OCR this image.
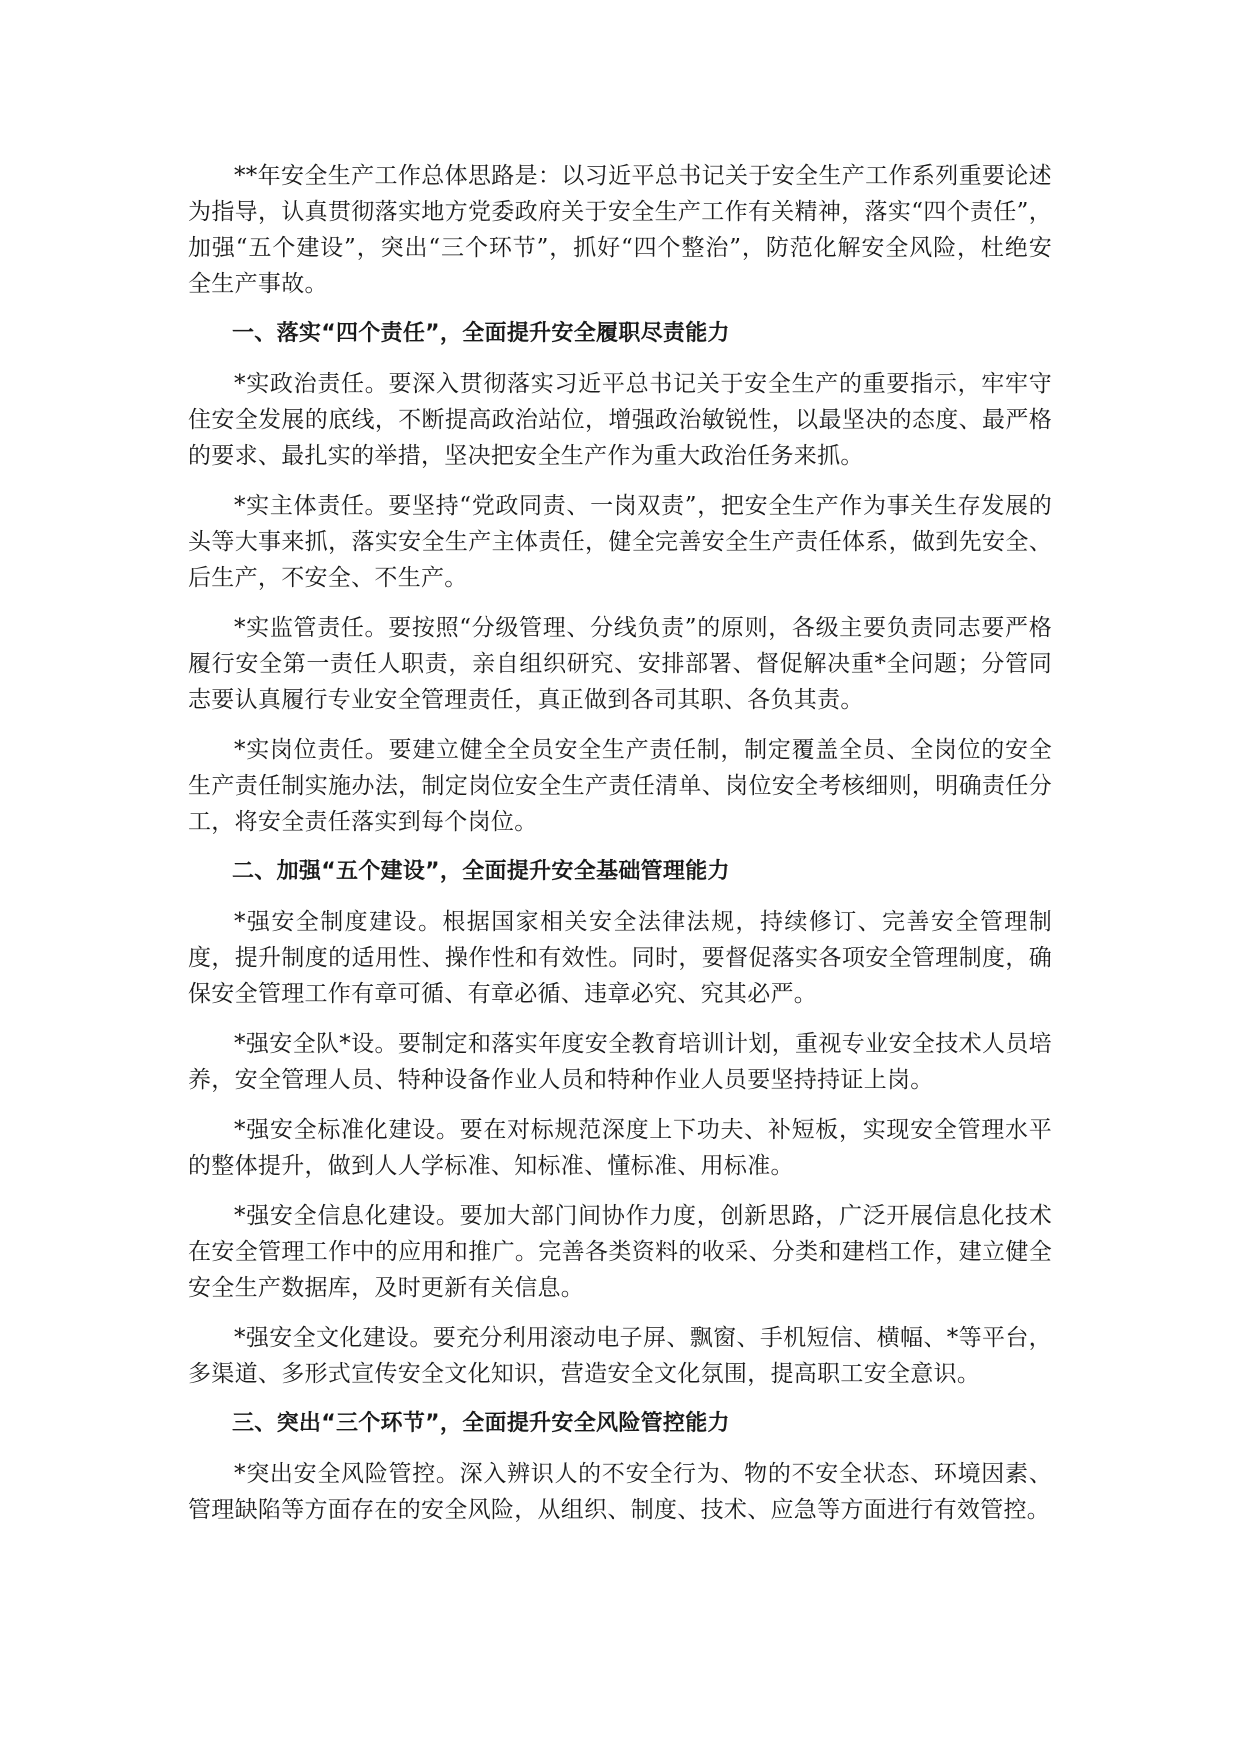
**年安全生产工作总体思路是：以习近平总书记关于安全生产工作系列重要论述为指导，认真贯彻落实地方党委政府关于安全生产工作有关精神，落实“四个责任”，加强“五个建设”，突出“三个环节”，抓好“四个整治”，防范化解安全风险，杜绝安全生产事故。

一、落实“四个责任”，全面提升安全履职尽责能力

*实政治责任。要深入贯彻落实习近平总书记关于安全生产的重要指示，牢牢守住安全发展的底线，不断提高政治站位，增强政治敏锐性，以最坚决的态度、最严格的要求、最扎实的举措，坚决把安全生产作为重大政治任务来抓。

*实主体责任。要坚持“党政同责、一岗双责”，把安全生产作为事关生存发展的头等大事来抓，落实安全生产主体责任，健全完善安全生产责任体系，做到先安全、后生产，不安全、不生产。

*实监管责任。要按照“分级管理、分线负责”的原则，各级主要负责同志要严格履行安全第一责任人职责，亲自组织研究、安排部署、督促解决重*全问题；分管同志要认真履行专业安全管理责任，真正做到各司其职、各负其责。

*实岗位责任。要建立健全全员安全生产责任制，制定覆盖全员、全岗位的安全生产责任制实施办法，制定岗位安全生产责任清单、岗位安全考核细则，明确责任分工，将安全责任落实到每个岗位。

二、加强“五个建设”，全面提升安全基础管理能力

*强安全制度建设。根据国家相关安全法律法规，持续修订、完善安全管理制度，提升制度的适用性、操作性和有效性。同时，要督促落实各项安全管理制度，确保安全管理工作有章可循、有章必循、违章必究、究其必严。

*强安全队*设。要制定和落实年度安全教育培训计划，重视专业安全技术人员培养，安全管理人员、特种设备作业人员和特种作业人员要坚持持证上岗。

*强安全标准化建设。要在对标规范深度上下功夫、补短板，实现安全管理水平的整体提升，做到人人学标准、知标准、懂标准、用标准。

*强安全信息化建设。要加大部门间协作力度，创新思路，广泛开展信息化技术在安全管理工作中的应用和推广。完善各类资料的收采、分类和建档工作，建立健全安全生产数据库，及时更新有关信息。

*强安全文化建设。要充分利用滚动电子屏、飘窗、手机短信、横幅、*等平台，多渠道、多形式宣传安全文化知识，营造安全文化氛围，提高职工安全意识。

三、突出“三个环节”，全面提升安全风险管控能力

*突出安全风险管控。深入辨识人的不安全行为、物的不安全状态、环境因素、管理缺陷等方面存在的安全风险，从组织、制度、技术、应急等方面进行有效管控。
